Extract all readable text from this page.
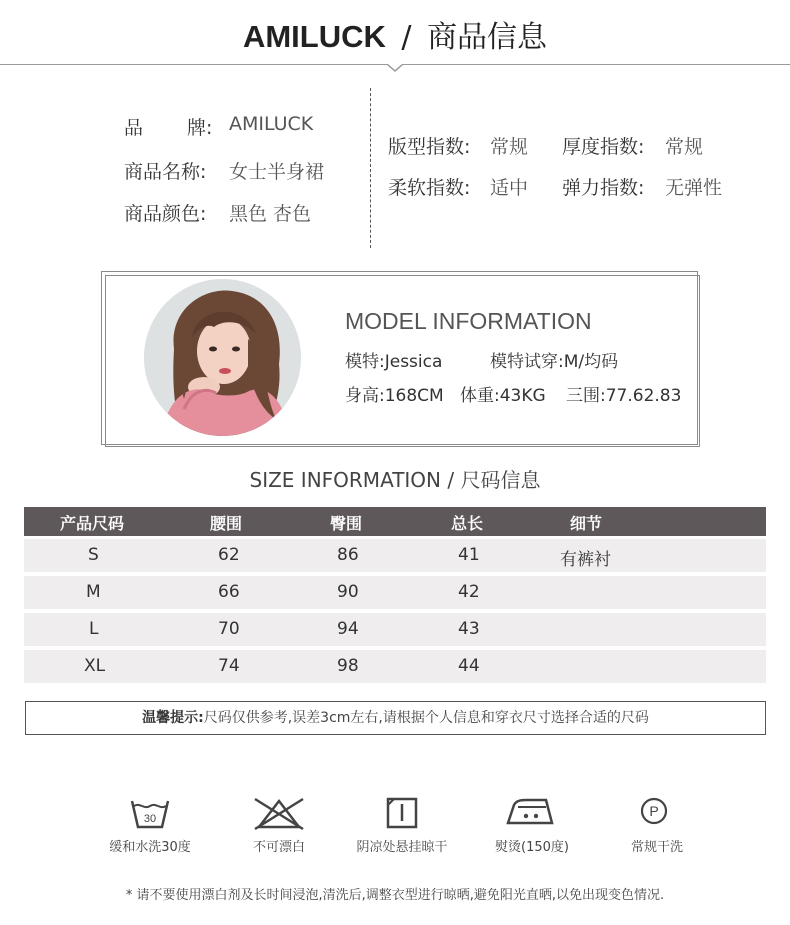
AMILUCK / 商品信息
品 牌: AMILUCK
商品名称: 女士半身裙
商品颜色: 黑色 杏色
版型指数: 常规 厚度指数: 常规
柔软指数: 适中 弹力指数: 无弹性
MODEL INFORMATION
模特:Jessica	模特试穿:M/均码
身高:168CM 体重:43KG 三围:77.62.83
SIZE INFORMATION / 尺码信息
产品尺码	腰围	臀围	总长	细节
S	62	86	41	有裤衬
M	66	90	42
L	70	94	43
XL	74	98	44
温馨提示:尺码仅供参考,误差3cm左右,请根据个人信息和穿衣尺寸选择合适的尺码
30	P
缓和水洗30度	不可漂白	阴凉处悬挂晾干	熨烫(150度)	常规干洗
* 请不要使用漂白剂及长时间浸泡,清洗后,调整衣型进行晾晒,避免阳光直晒,以免出现变色情况.
